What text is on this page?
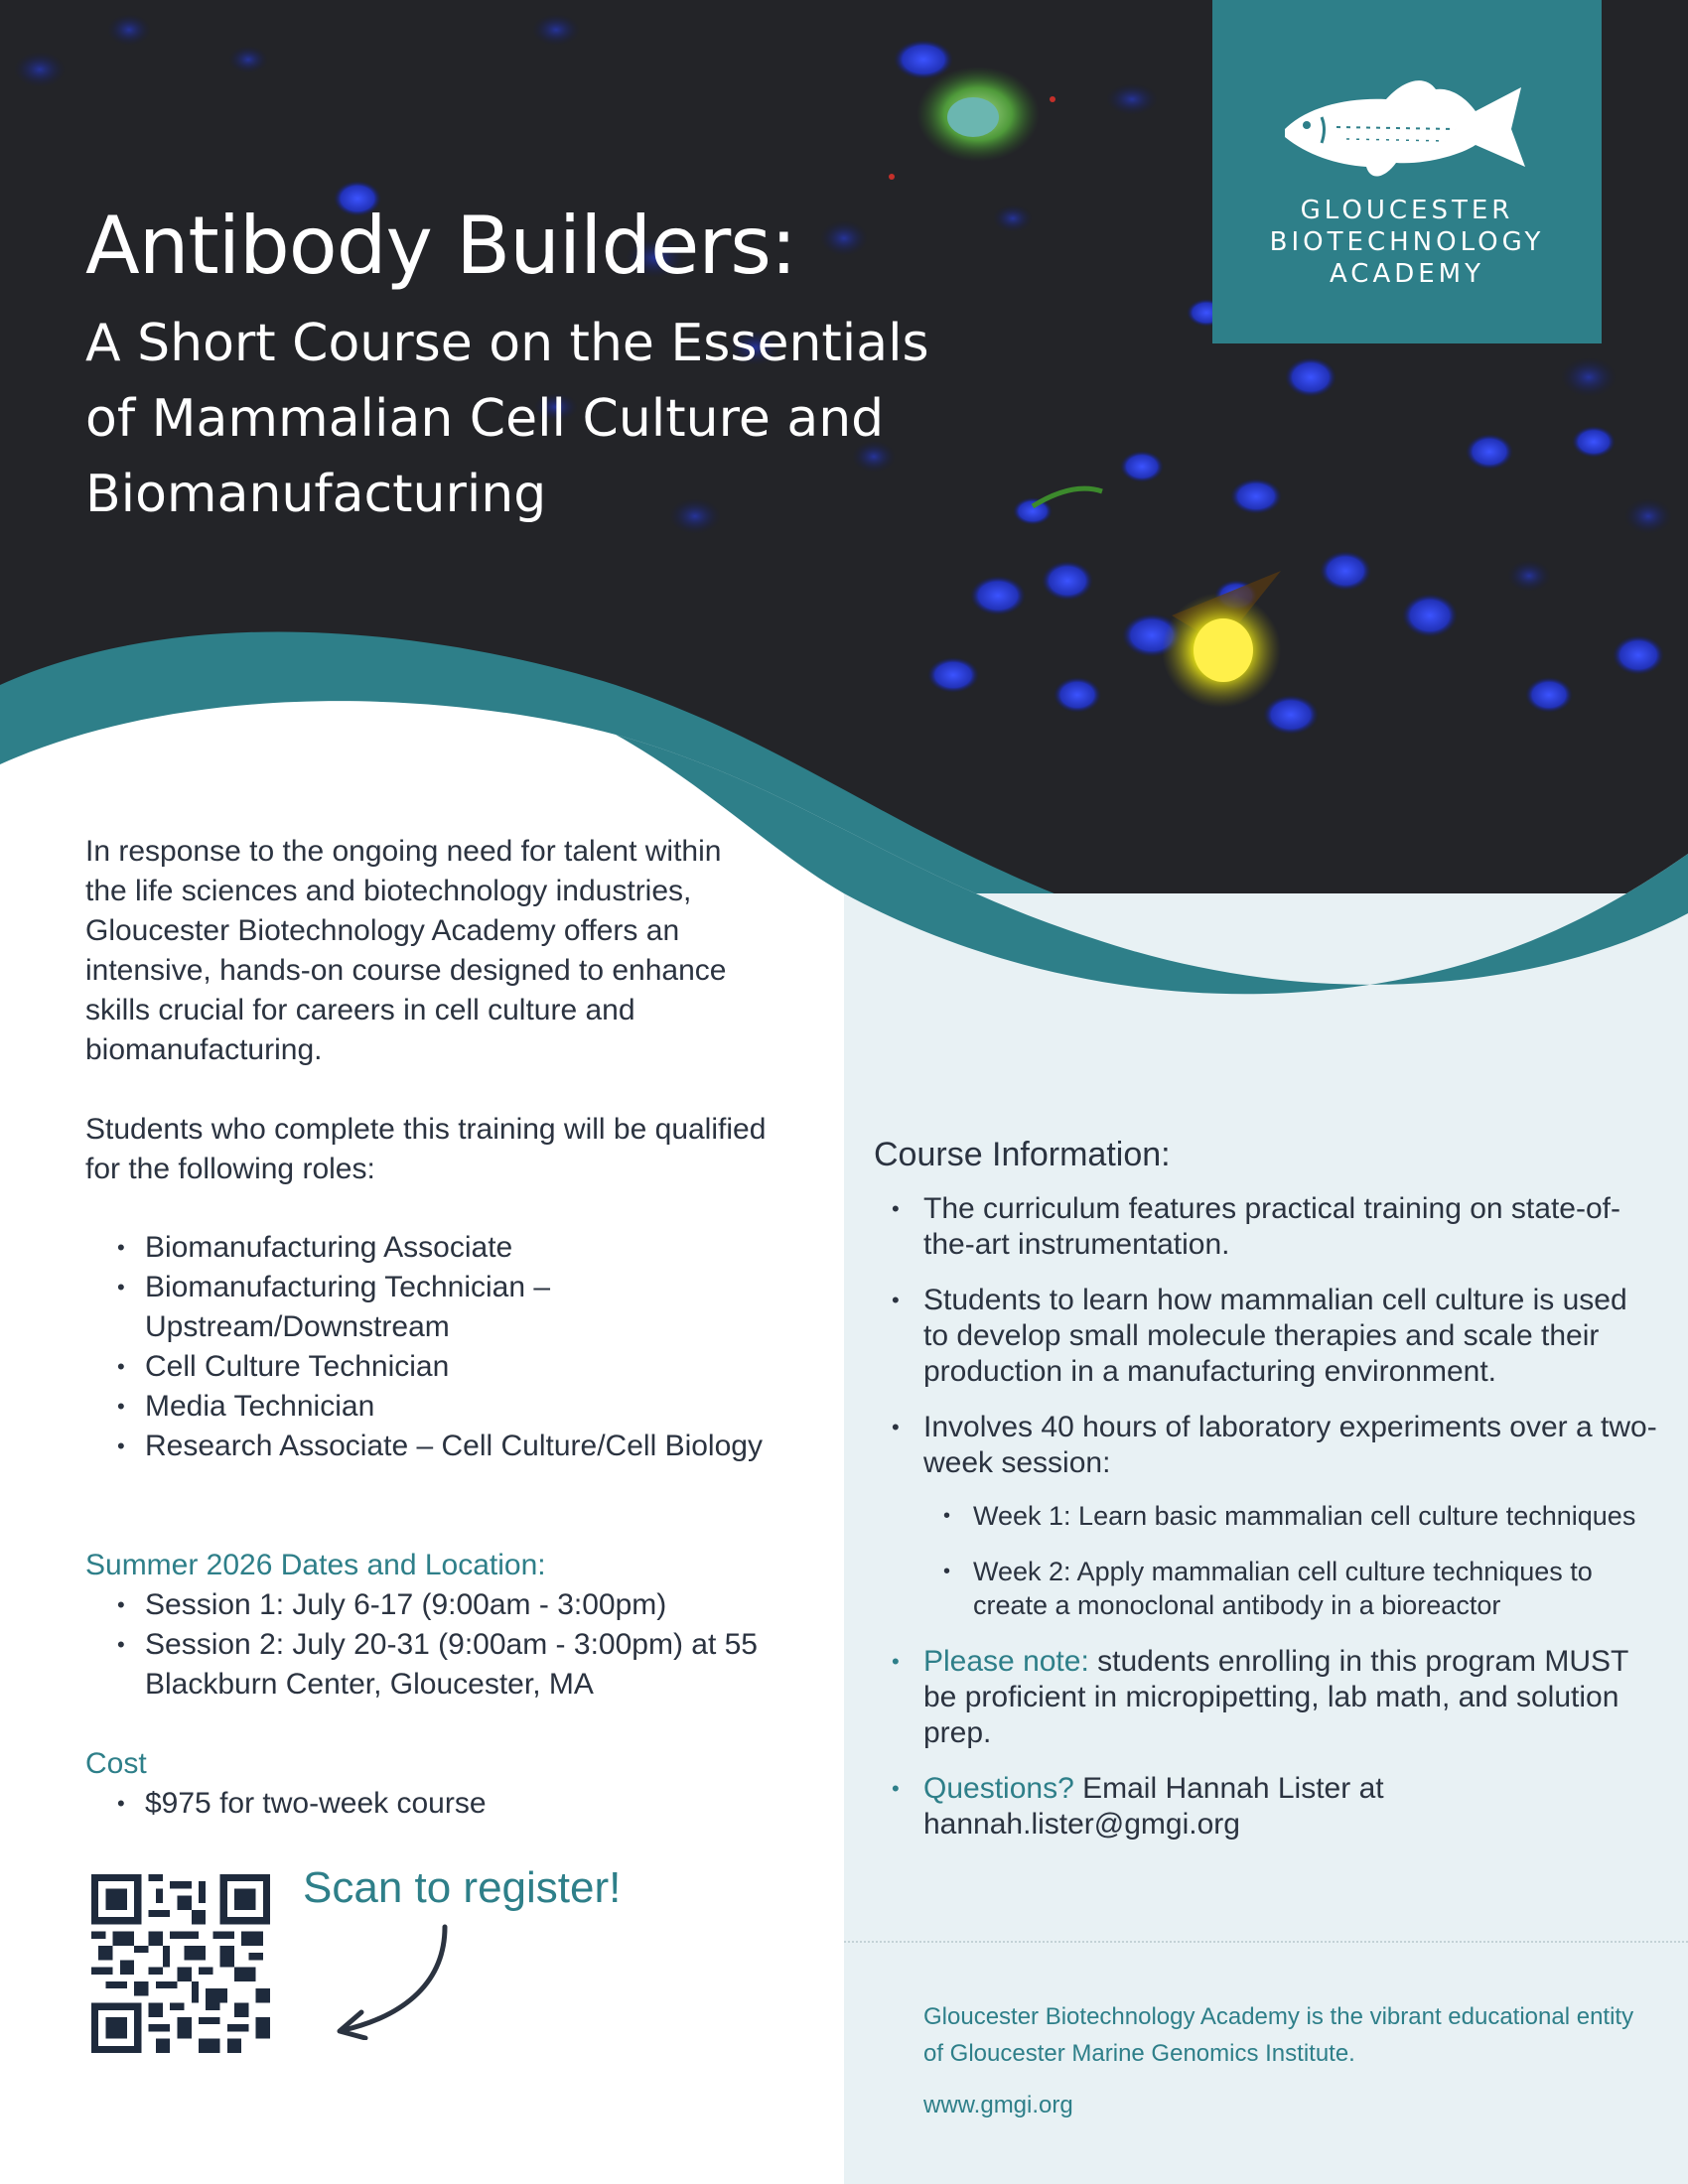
GLOUCESTER
BIOTECHNOLOGY
ACADEMY
Antibody Builders:
A Short Course on the Essentials of Mammalian Cell Culture and Biomanufacturing
In response to the ongoing need for talent within the life sciences and biotechnology industries, Gloucester Biotechnology Academy offers an intensive, hands-on course designed to enhance skills crucial for careers in cell culture and biomanufacturing.
Students who complete this training will be qualified for the following roles:
• Biomanufacturing Associate
• Biomanufacturing Technician – Upstream/Downstream
• Cell Culture Technician
• Media Technician
• Research Associate – Cell Culture/Cell Biology
Summer 2026 Dates and Location:
• Session 1: July 6-17 (9:00am - 3:00pm)
• Session 2: July 20-31 (9:00am - 3:00pm) at 55 Blackburn Center, Gloucester, MA
Cost
• $975 for two-week course
Scan to register!
Course Information:
• The curriculum features practical training on state-of-the-art instrumentation.
• Students to learn how mammalian cell culture is used to develop small molecule therapies and scale their production in a manufacturing environment.
• Involves 40 hours of laboratory experiments over a two-week session:
• Week 1: Learn basic mammalian cell culture techniques
• Week 2: Apply mammalian cell culture techniques to create a monoclonal antibody in a bioreactor
• Please note: students enrolling in this program MUST be proficient in micropipetting, lab math, and solution prep.
• Questions? Email Hannah Lister at hannah.lister@gmgi.org
Gloucester Biotechnology Academy is the vibrant educational entity of Gloucester Marine Genomics Institute.
www.gmgi.org
